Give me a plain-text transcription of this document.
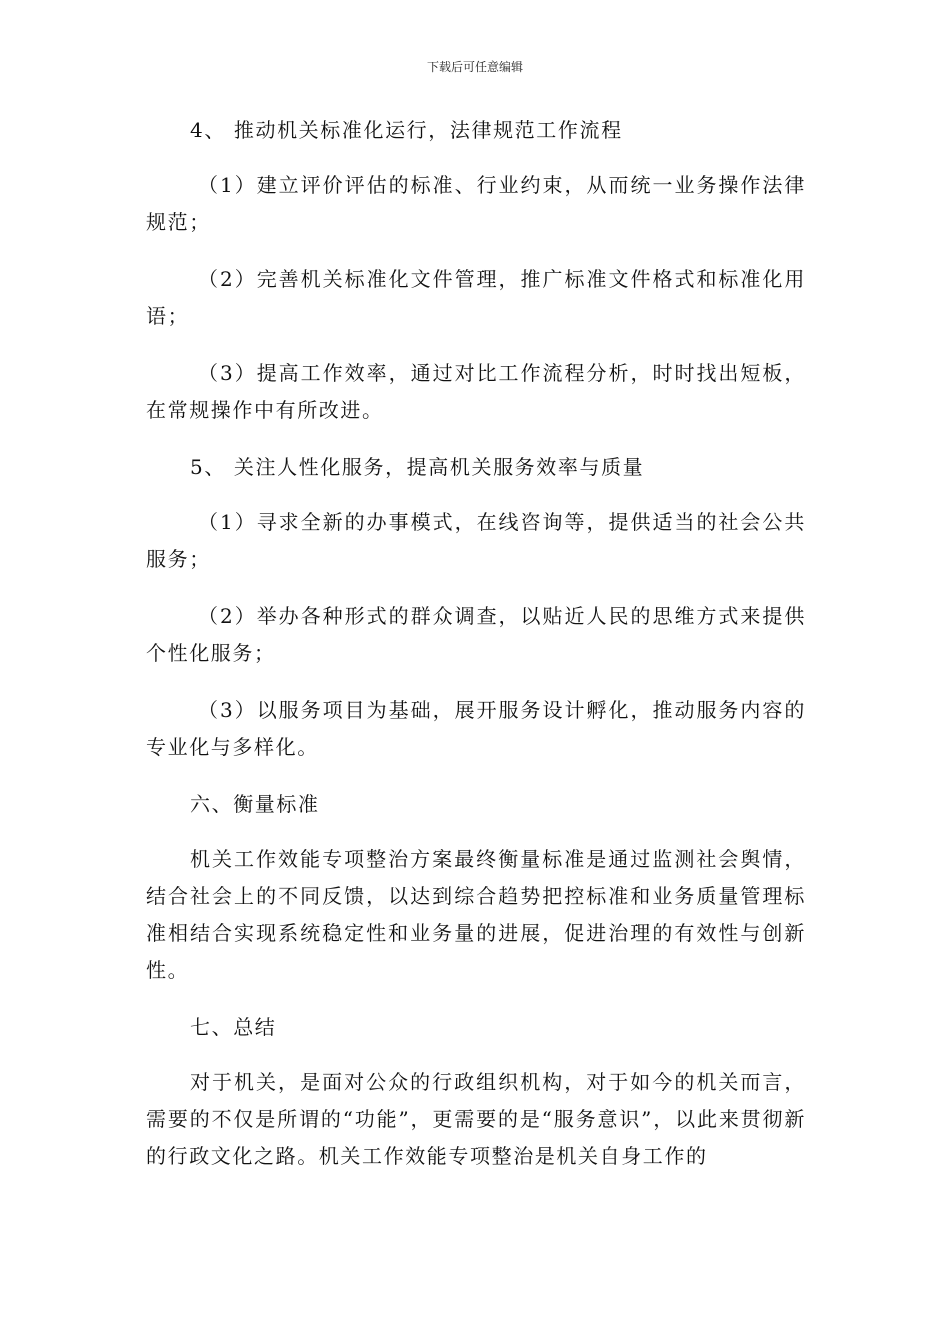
下载后可任意编辑

4、 推动机关标准化运行，法律规范工作流程

（1）建立评价评估的标准、行业约束，从而统一业务操作法律规范；

（2）完善机关标准化文件管理，推广标准文件格式和标准化用语；

（3）提高工作效率，通过对比工作流程分析，时时找出短板，在常规操作中有所改进。

5、 关注人性化服务，提高机关服务效率与质量

（1）寻求全新的办事模式，在线咨询等，提供适当的社会公共服务；

（2）举办各种形式的群众调查，以贴近人民的思维方式来提供个性化服务；

（3）以服务项目为基础，展开服务设计孵化，推动服务内容的专业化与多样化。

六、衡量标准

机关工作效能专项整治方案最终衡量标准是通过监测社会舆情，结合社会上的不同反馈，以达到综合趋势把控标准和业务质量管理标准相结合实现系统稳定性和业务量的进展，促进治理的有效性与创新性。

七、总结

对于机关，是面对公众的行政组织机构，对于如今的机关而言，需要的不仅是所谓的“功能”，更需要的是“服务意识”，以此来贯彻新的行政文化之路。机关工作效能专项整治是机关自身工作的
